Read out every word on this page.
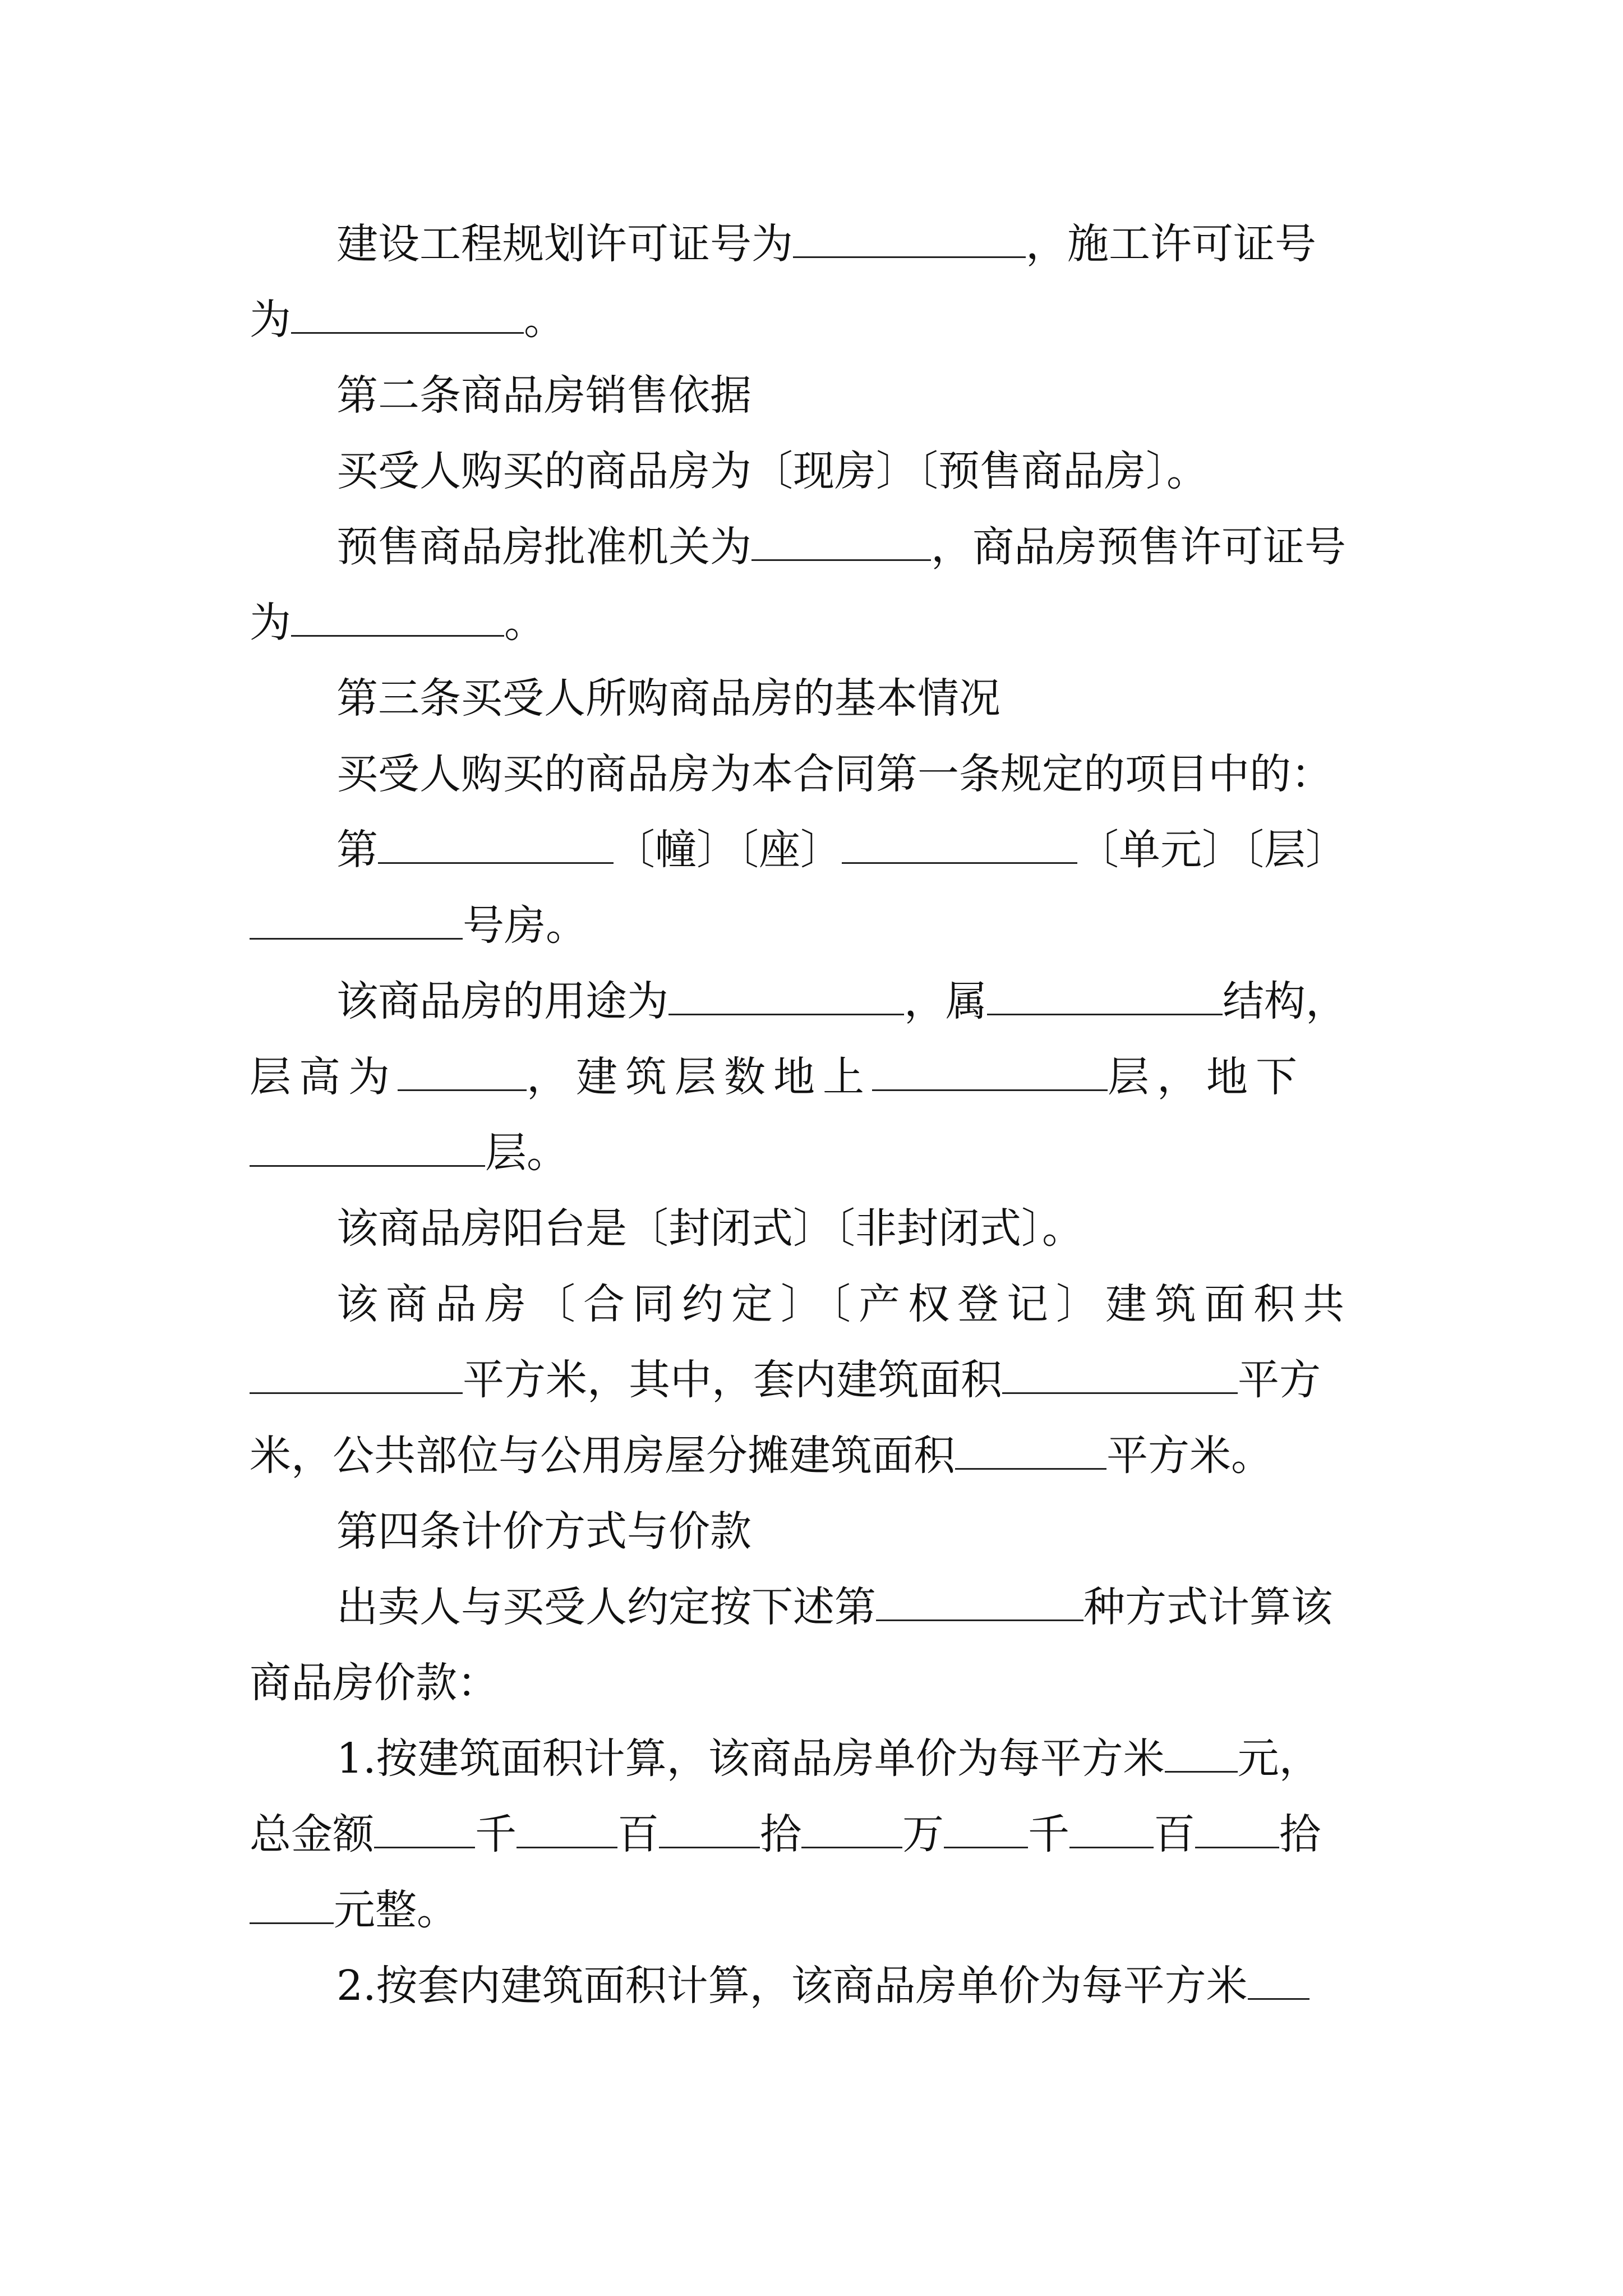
建设工程规划许可证号为	，施工许可证号
为	。
第二条商品房销售依据
买受人购买的商品房为〔现房〕〔预售商品房〕。
预售商品房批准机关为	，商品房预售许可证号
为	。
第三条买受人所购商品房的基本情况
买受人购买的商品房为本合同第一条规定的项目中的：
第	〔幢〕〔座〕	〔单元〕〔层〕
号房。
该商品房的用途为	，属	结构，
层高为	，建筑层数地上	层，地下
层。
该商品房阳台是〔封闭式〕〔非封闭式〕。
该商品房〔合同约定〕〔产权登记〕建筑面积共
平方米，其中，套内建筑面积	平方
米，公共部位与公用房屋分摊建筑面积	平方米。
第四条计价方式与价款
出卖人与买受人约定按下述第	种方式计算该
商品房价款：
1.按建筑面积计算，该商品房单价为每平方米 元，
总金额 千 百 拾 万 千 百 拾
元整。
2.按套内建筑面积计算，该商品房单价为每平方米
